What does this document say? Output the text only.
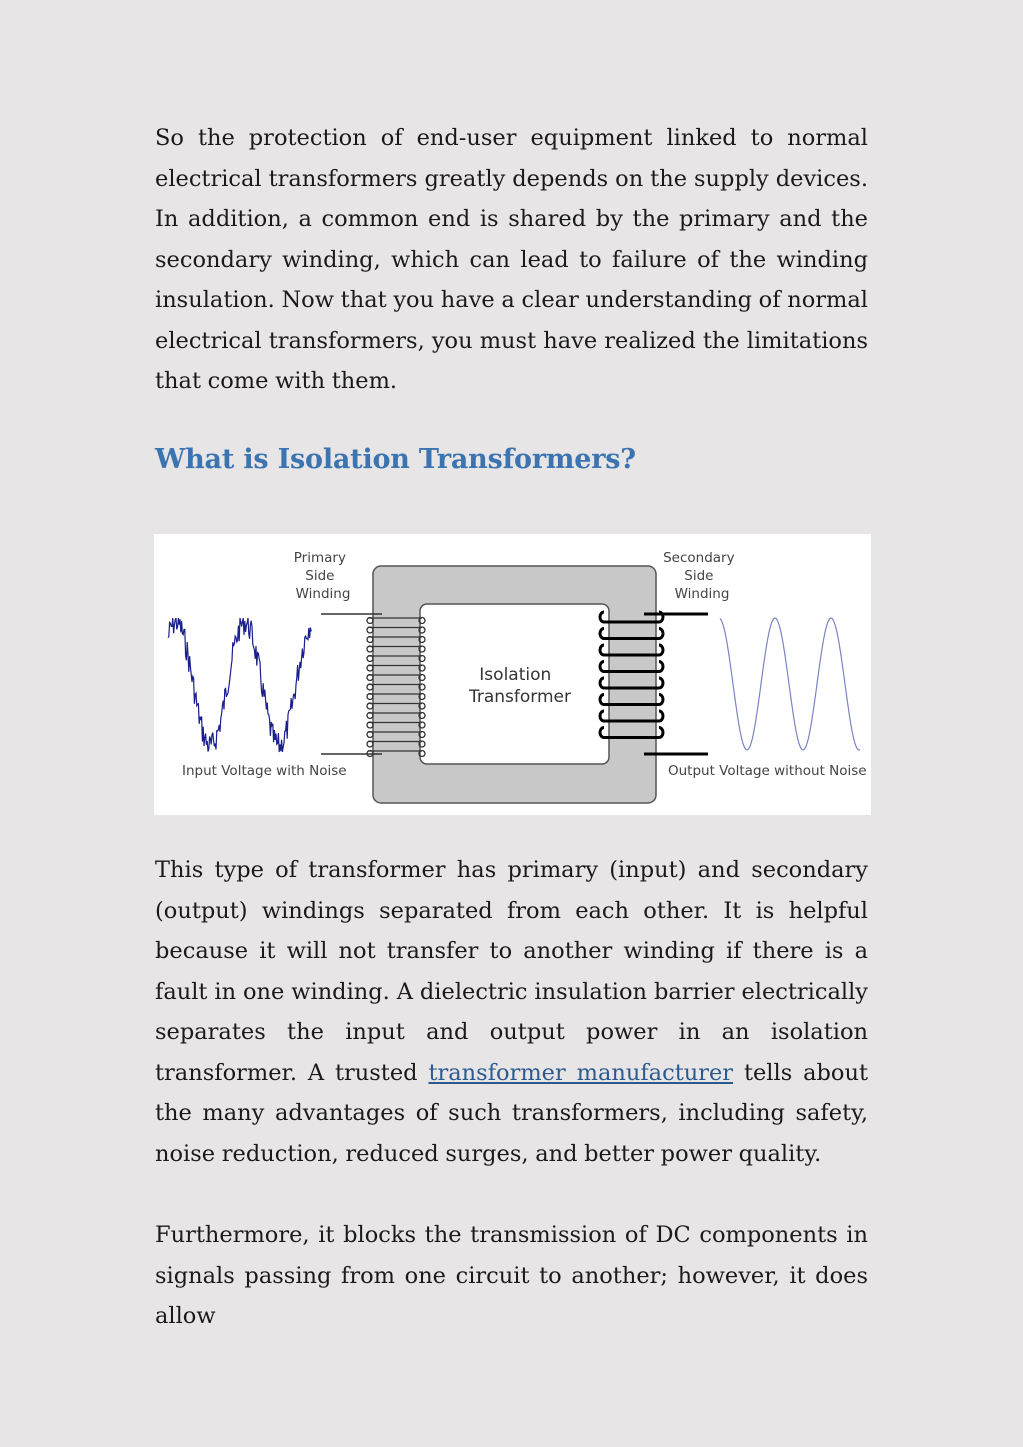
So the protection of end-user equipment linked to normal electrical transformers greatly depends on the supply devices. In addition, a common end is shared by the primary and the secondary winding, which can lead to failure of the winding insulation. Now that you have a clear understanding of normal electrical transformers, you must have realized the limitations that come with them.

What is Isolation Transformers?
Primary Side Winding
Secondary Side Winding
Isolation Transformer
Input Voltage with Noise	Output Voltage without Noise

This type of transformer has primary (input) and secondary (output) windings separated from each other. It is helpful because it will not transfer to another winding if there is a fault in one winding. A dielectric insulation barrier electrically separates the input and output power in an isolation transformer. A trusted transformer manufacturer tells about the many advantages of such transformers, including safety, noise reduction, reduced surges, and better power quality.

Furthermore, it blocks the transmission of DC components in signals passing from one circuit to another; however, it does allow
